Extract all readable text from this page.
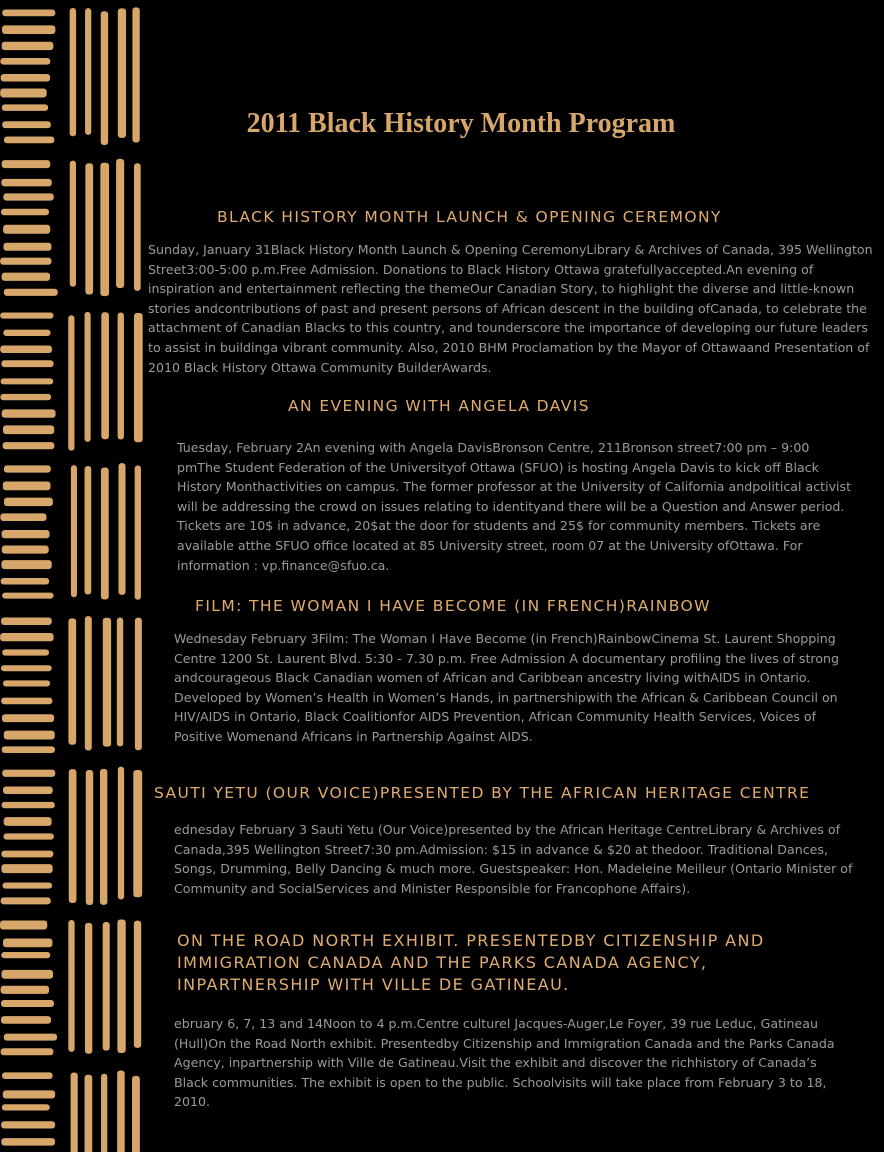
2011 Black History Month Program
BLACK HISTORY MONTH LAUNCH & OPENING CEREMONY

Sunday, January 31Black History Month Launch & Opening CeremonyLibrary & Archives of Canada, 395 Wellington Street3:00-5:00 p.m.Free Admission. Donations to Black History Ottawa gratefullyaccepted.An evening of inspiration and entertainment reflecting the themeOur Canadian Story, to highlight the diverse and little-known stories andcontributions of past and present persons of African descent in the building ofCanada, to celebrate the attachment of Canadian Blacks to this country, and tounderscore the importance of developing our future leaders to assist in buildinga vibrant community. Also, 2010 BHM Proclamation by the Mayor of Ottawaand Presentation of 2010 Black History Ottawa Community BuilderAwards.

AN EVENING WITH ANGELA DAVIS

Tuesday, February 2An evening with Angela DavisBronson Centre, 211Bronson street7:00 pm – 9:00 pmThe Student Federation of the Universityof Ottawa (SFUO) is hosting Angela Davis to kick off Black History Monthactivities on campus. The former professor at the University of California andpolitical activist will be addressing the crowd on issues relating to identityand there will be a Question and Answer period. Tickets are 10$ in advance, 20$at the door for students and 25$ for community members. Tickets are available atthe SFUO office located at 85 University street, room 07 at the University ofOttawa. For information : vp.finance@sfuo.ca.

FILM: THE WOMAN I HAVE BECOME (IN FRENCH)RAINBOW

Wednesday February 3Film: The Woman I Have Become (in French)RainbowCinema St. Laurent Shopping Centre 1200 St. Laurent Blvd. 5:30 - 7.30 p.m. Free Admission A documentary profiling the lives of strong andcourageous Black Canadian women of African and Caribbean ancestry living withAIDS in Ontario. Developed by Women’s Health in Women’s Hands, in partnershipwith the African & Caribbean Council on HIV/AIDS in Ontario, Black Coalitionfor AIDS Prevention, African Community Health Services, Voices of Positive Womenand Africans in Partnership Against AIDS.

SAUTI YETU (OUR VOICE)PRESENTED BY THE AFRICAN HERITAGE CENTRE

ednesday February 3 Sauti Yetu (Our Voice)presented by the African Heritage CentreLibrary & Archives of Canada,395 Wellington Street7:30 pm.Admission: $15 in advance & $20 at thedoor. Traditional Dances, Songs, Drumming, Belly Dancing & much more. Guestspeaker: Hon. Madeleine Meilleur (Ontario Minister of Community and SocialServices and Minister Responsible for Francophone Affairs).

ON THE ROAD NORTH EXHIBIT. PRESENTEDBY CITIZENSHIP AND IMMIGRATION CANADA AND THE PARKS CANADA AGENCY, INPARTNERSHIP WITH VILLE DE GATINEAU.

ebruary 6, 7, 13 and 14Noon to 4 p.m.Centre culturel Jacques-Auger,Le Foyer, 39 rue Leduc, Gatineau (Hull)On the Road North exhibit. Presentedby Citizenship and Immigration Canada and the Parks Canada Agency, inpartnership with Ville de Gatineau.Visit the exhibit and discover the richhistory of Canada’s Black communities. The exhibit is open to the public. Schoolvisits will take place from February 3 to 18, 2010.
